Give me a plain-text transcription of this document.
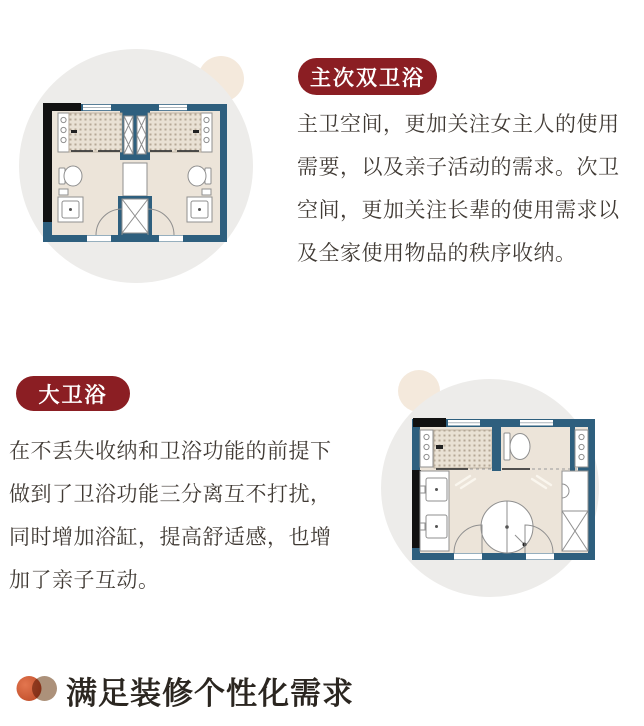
主次双卫浴
主卫空间，更加关注女主人的使用
需要，以及亲子活动的需求。次卫
空间，更加关注长辈的使用需求以
及全家使用物品的秩序收纳。
大卫浴
在不丢失收纳和卫浴功能的前提下
做到了卫浴功能三分离互不打扰，
同时增加浴缸，提高舒适感，也增
加了亲子互动。
满足装修个性化需求
